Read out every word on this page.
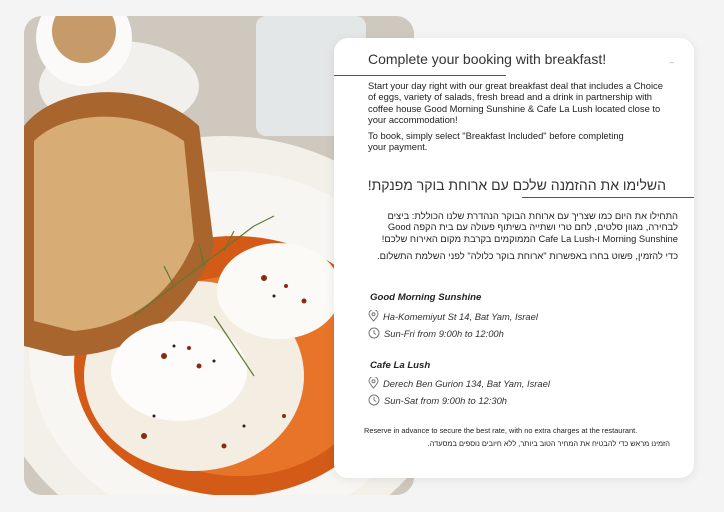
–
Complete your booking with breakfast!

Start your day right with our great breakfast deal that includes a Choice of eggs, variety of salads, fresh bread and a drink in partnership with coffee house Good Morning Sunshine & Cafe La Lush located close to your accommodation!

To book, simply select "Breakfast Included" before completing your payment.

השלימו את ההזמנה שלכם עם ארוחת בוקר מפנקת!

התחילו את היום כמו שצריך עם ארוחת הבוקר הנהדרת שלנו הכוללת: ביצים לבחירה, מגוון סלטים, לחם טרי ושתייה בשיתוף פעולה עם בית הקפה Good Morning Sunshine ו-Cafe La Lush הממוקמים בקרבת מקום האירוח שלכם!

כדי להזמין, פשוט בחרו באפשרות "ארוחת בוקר כלולה" לפני השלמת התשלום.

Good Morning Sunshine

Ha-Komemiyut St 14, Bat Yam, Israel
Sun-Fri from 9:00h to 12:00h

Cafe La Lush

Derech Ben Gurion 134, Bat Yam, Israel
Sun-Sat from 9:00h to 12:30h

Reserve in advance to secure the best rate, with no extra charges at the restaurant.

הזמינו מראש כדי להבטיח את המחיר הטוב ביותר, ללא חיובים נוספים במסעדה.
